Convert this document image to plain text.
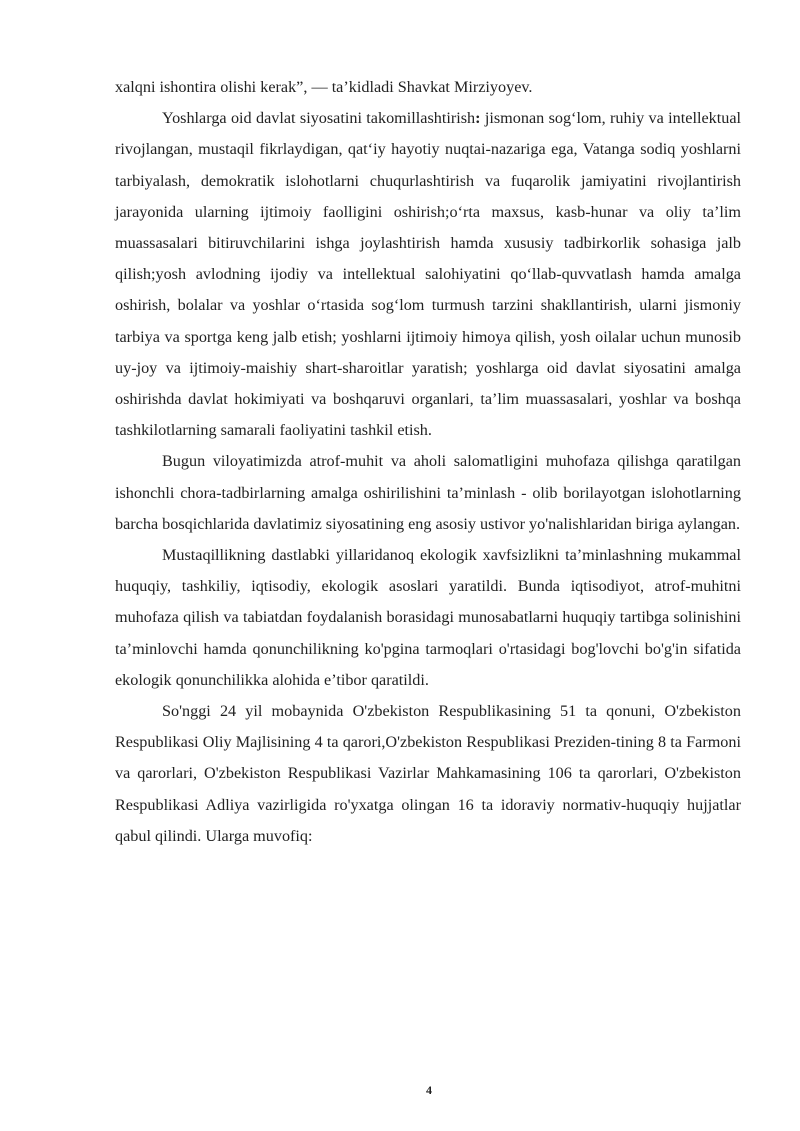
xalqni ishontira olishi kerak”, — ta’kidladi Shavkat Mirziyoyev.

Yoshlarga oid davlat siyosatini takomillashtirish: jismonan sog‘lom, ruhiy va intellektual rivojlangan, mustaqil fikrlaydigan, qat‘iy hayotiy nuqtai-nazariga ega, Vatanga sodiq yoshlarni tarbiyalash, demokratik islohotlarni chuqurlashtirish va fuqarolik jamiyatini rivojlantirish jarayonida ularning ijtimoiy faolligini oshirish;o‘rta maxsus, kasb-hunar va oliy ta’lim muassasalari bitiruvchilarini ishga joylashtirish hamda xususiy tadbirkorlik sohasiga jalb qilish;yosh avlodning ijodiy va intellektual salohiyatini qo‘llab-quvvatlash hamda amalga oshirish, bolalar va yoshlar o‘rtasida sog‘lom turmush tarzini shakllantirish, ularni jismoniy tarbiya va sportga keng jalb etish; yoshlarni ijtimoiy himoya qilish, yosh oilalar uchun munosib uy-joy va ijtimoiy-maishiy shart-sharoitlar yaratish; yoshlarga oid davlat siyosatini amalga oshirishda davlat hokimiyati va boshqaruvi organlari, ta’lim muassasalari, yoshlar va boshqa tashkilotlarning samarali faoliyatini tashkil etish.

Bugun viloyatimizda atrof-muhit va aholi salomatligini muhofaza qilishga qaratilgan ishonchli chora-tadbirlarning amalga oshirilishini ta’minlash - olib borilayotgan islohotlarning barcha bosqichlarida davlatimiz siyosatining eng asosiy ustivor yo'nalishlaridan biriga aylangan.

Mustaqillikning dastlabki yillaridanoq ekologik xavfsizlikni ta’minlashning mukammal huquqiy, tashkiliy, iqtisodiy, ekologik asoslari yaratildi. Bunda iqtisodiyot, atrof-muhitni muhofaza qilish va tabiatdan foydalanish borasidagi munosabatlarni huquqiy tartibga solinishini ta’minlovchi hamda qonunchilikning ko'pgina tarmoqlari o'rtasidagi bog'lovchi bo'g'in sifatida ekologik qonunchilikka alohida e’tibor qaratildi.

So'nggi 24 yil mobaynida O'zbekiston Respublikasining 51 ta qonuni, O'zbekiston Respublikasi Oliy Majlisining 4 ta qarori,O'zbekiston Respublikasi Preziden-tining 8 ta Farmoni va qarorlari, O'zbekiston Respublikasi Vazirlar Mahkamasining 106 ta qarorlari, O'zbekiston Respublikasi Adliya vazirligida ro'yxatga olingan 16 ta idoraviy normativ-huquqiy hujjatlar qabul qilindi. Ularga muvofiq:

4
